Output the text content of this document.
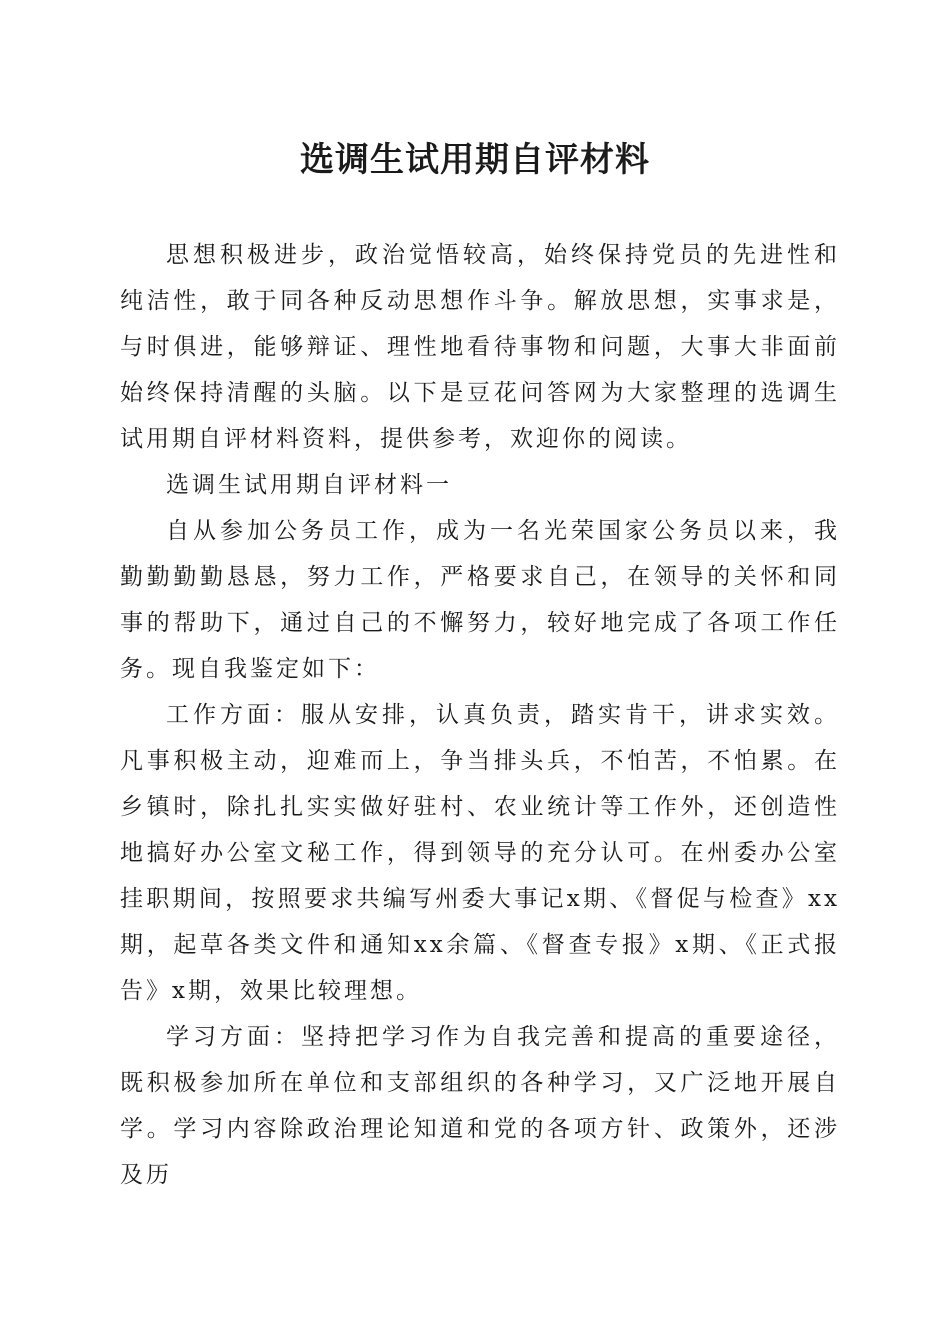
选调生试用期自评材料

思想积极进步，政治觉悟较高，始终保持党员的先进性和纯洁性，敢于同各种反动思想作斗争。解放思想，实事求是，与时俱进，能够辩证、理性地看待事物和问题，大事大非面前始终保持清醒的头脑。以下是豆花问答网为大家整理的选调生试用期自评材料资料，提供参考，欢迎你的阅读。

选调生试用期自评材料一

自从参加公务员工作，成为一名光荣国家公务员以来，我勤勤勤勤恳恳，努力工作，严格要求自己，在领导的关怀和同事的帮助下，通过自己的不懈努力，较好地完成了各项工作任务。现自我鉴定如下：

工作方面：服从安排，认真负责，踏实肯干，讲求实效。凡事积极主动，迎难而上，争当排头兵，不怕苦，不怕累。在乡镇时，除扎扎实实做好驻村、农业统计等工作外，还创造性地搞好办公室文秘工作，得到领导的充分认可。在州委办公室挂职期间，按照要求共编写州委大事记x期、《督促与检查》xx期，起草各类文件和通知xx余篇、《督查专报》x期、《正式报告》x期，效果比较理想。

学习方面：坚持把学习作为自我完善和提高的重要途径，既积极参加所在单位和支部组织的各种学习，又广泛地开展自学。学习内容除政治理论知道和党的各项方针、政策外，还涉及历
